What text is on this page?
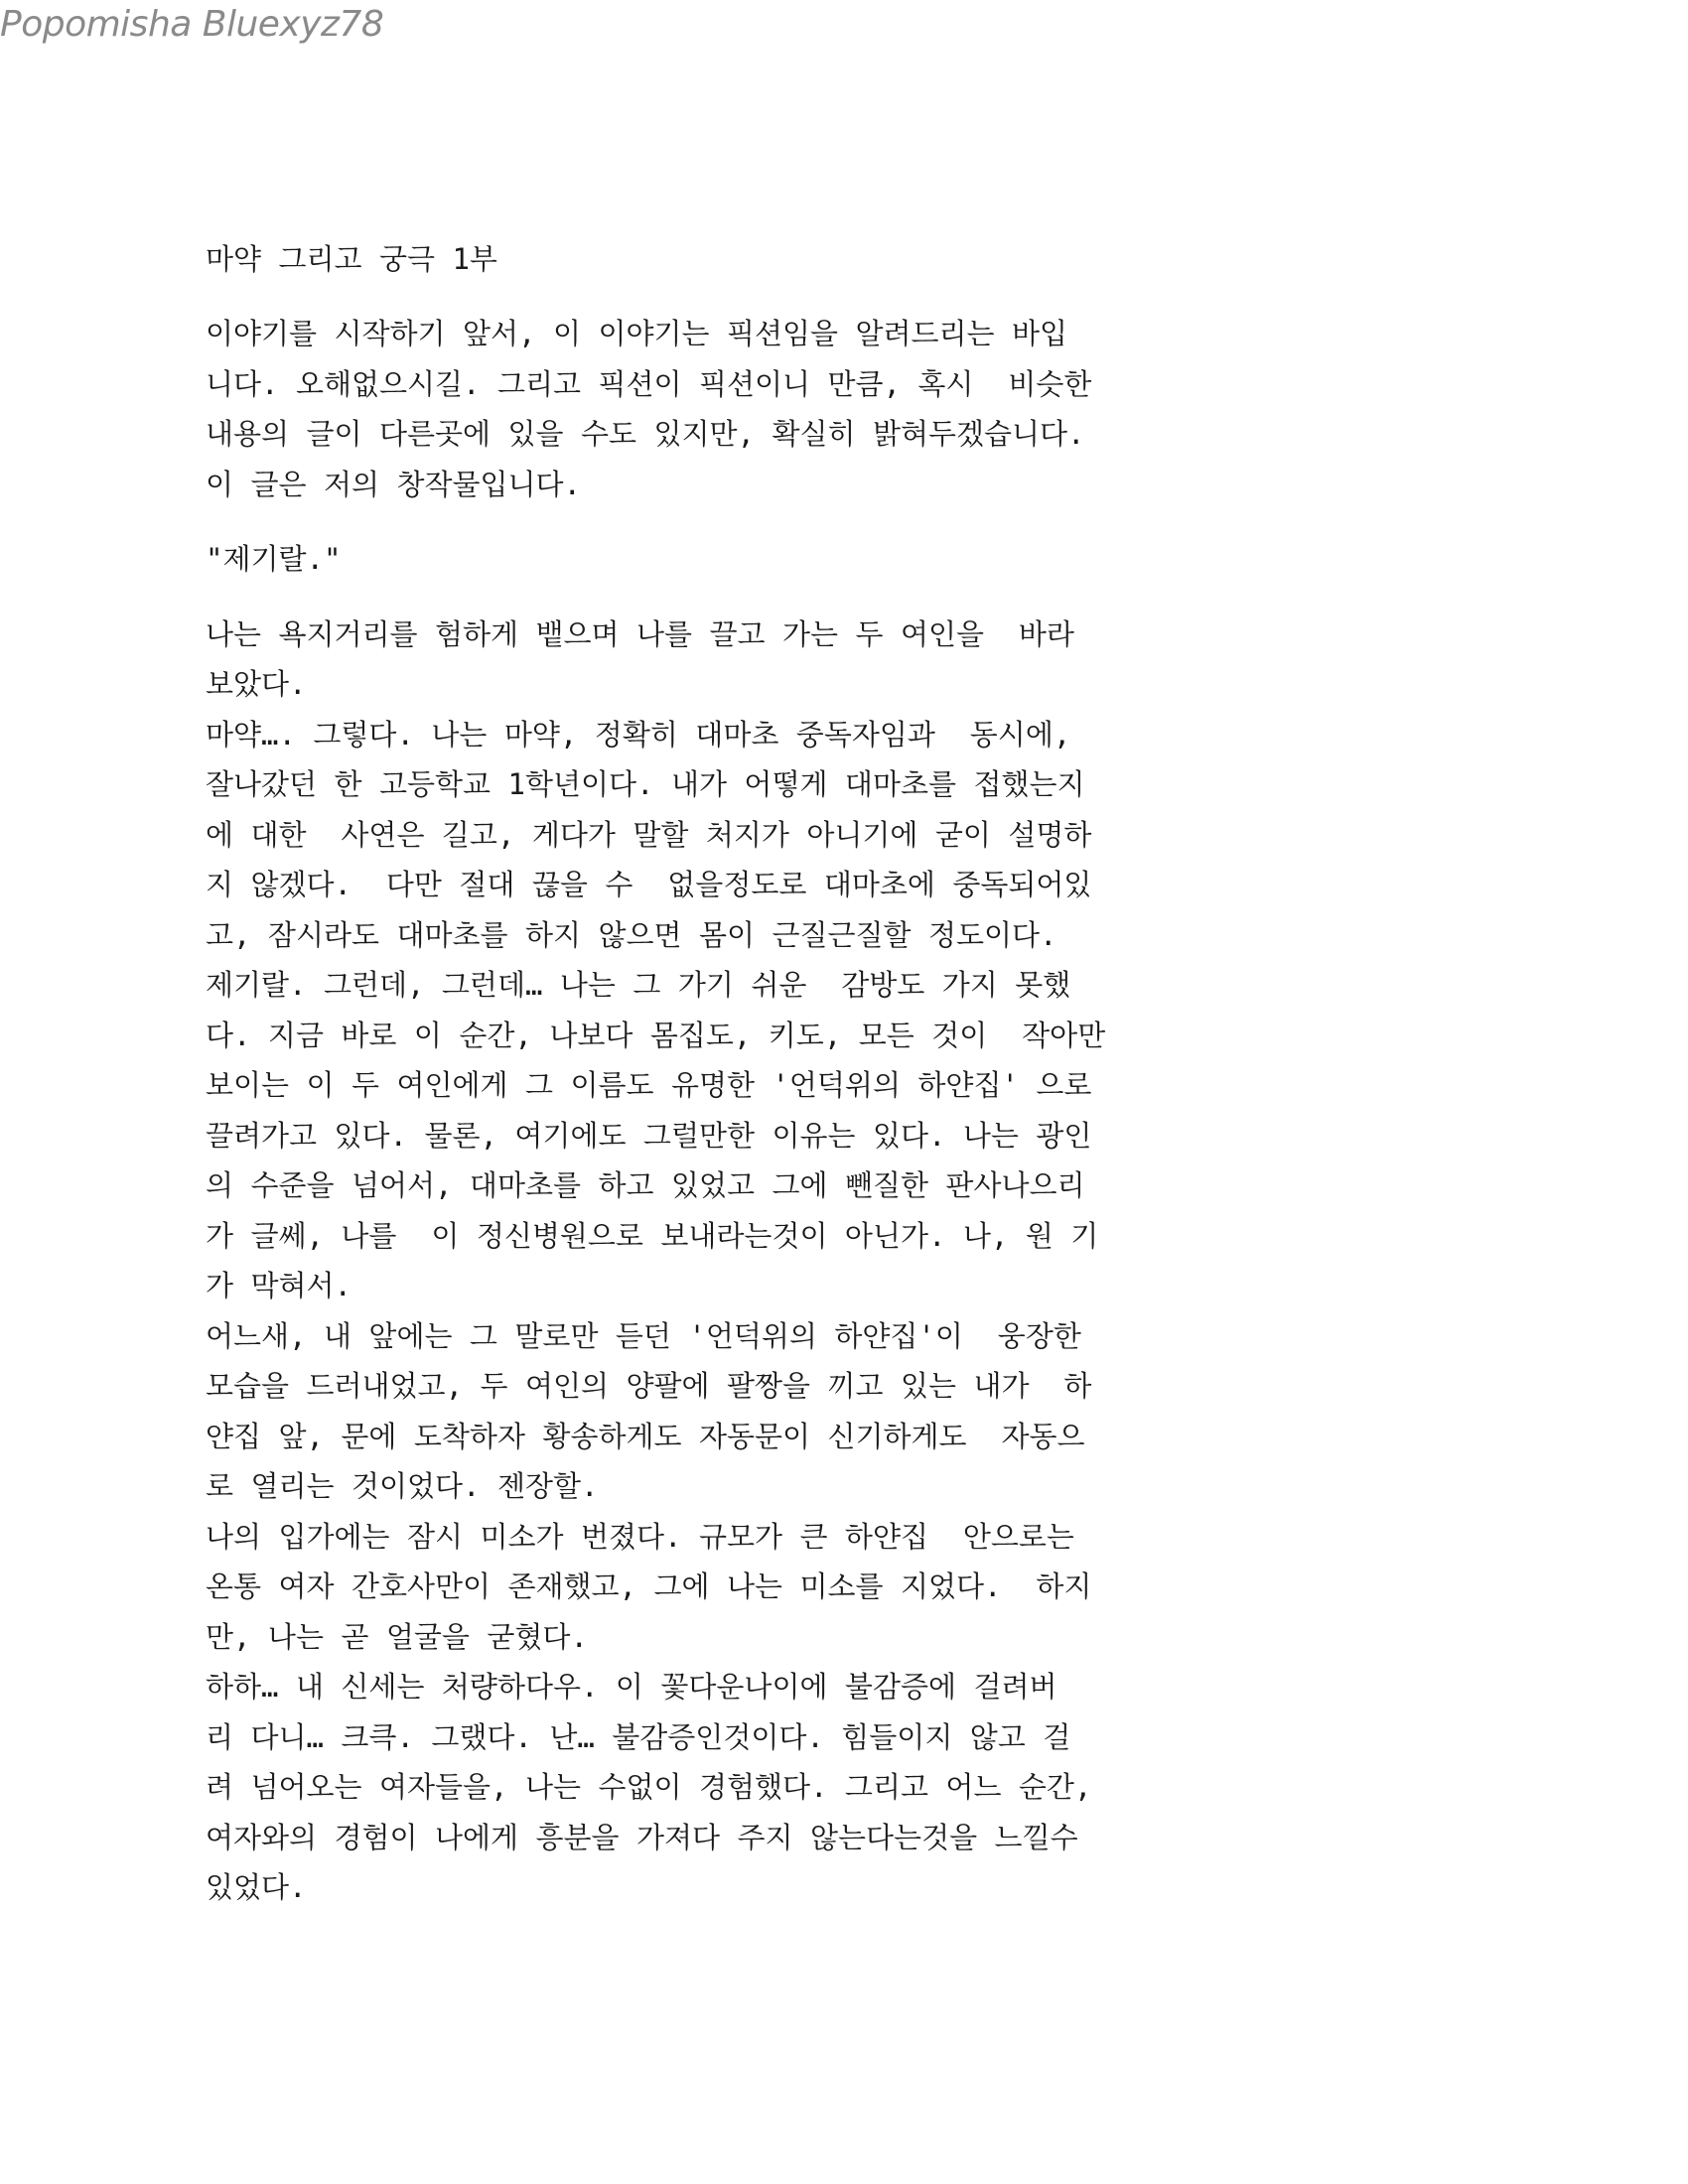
Popomisha Bluexyz78
마약 그리고 궁극 1부

이야기를 시작하기 앞서, 이 이야기는 픽션임을 알려드리는 바입

니다. 오해없으시길. 그리고 픽션이 픽션이니 만큼, 혹시  비슷한

내용의 글이 다른곳에 있을 수도 있지만, 확실히 밝혀두겠습니다.

이 글은 저의 창작물입니다.

"제기랄."

나는 욕지거리를 험하게 뱉으며 나를 끌고 가는 두 여인을  바라

보았다.

마약…. 그렇다. 나는 마약, 정확히 대마초 중독자임과  동시에,

잘나갔던 한 고등학교 1학년이다. 내가 어떻게 대마초를 접했는지

에 대한  사연은 길고, 게다가 말할 처지가 아니기에 굳이 설명하

지 않겠다.  다만 절대 끊을 수  없을정도로 대마초에 중독되어있

고, 잠시라도 대마초를 하지 않으면 몸이 근질근질할 정도이다.

제기랄. 그런데, 그런데… 나는 그 가기 쉬운  감방도 가지 못했

다. 지금 바로 이 순간, 나보다 몸집도, 키도, 모든 것이  작아만

보이는 이 두 여인에게 그 이름도 유명한 '언덕위의 하얀집' 으로

끌려가고 있다. 물론, 여기에도 그럴만한 이유는 있다. 나는 광인

의 수준을 넘어서, 대마초를 하고 있었고 그에 뺀질한 판사나으리

가 글쎄, 나를  이 정신병원으로 보내라는것이 아닌가. 나, 원 기

가 막혀서.

어느새, 내 앞에는 그 말로만 듣던 '언덕위의 하얀집'이  웅장한

모습을 드러내었고, 두 여인의 양팔에 팔짱을 끼고 있는 내가  하

얀집 앞, 문에 도착하자 황송하게도 자동문이 신기하게도  자동으

로 열리는 것이었다. 젠장할.

나의 입가에는 잠시 미소가 번졌다. 규모가 큰 하얀집  안으로는

온통 여자 간호사만이 존재했고, 그에 나는 미소를 지었다.  하지

만, 나는 곧 얼굴을 굳혔다.

하하… 내 신세는 처량하다우. 이 꽃다운나이에 불감증에 걸려버

리 다니… 크큭. 그랬다. 난… 불감증인것이다. 힘들이지 않고 걸

려 넘어오는 여자들을, 나는 수없이 경험했다. 그리고 어느 순간,

여자와의 경험이 나에게 흥분을 가져다 주지 않는다는것을 느낄수

있었다.
